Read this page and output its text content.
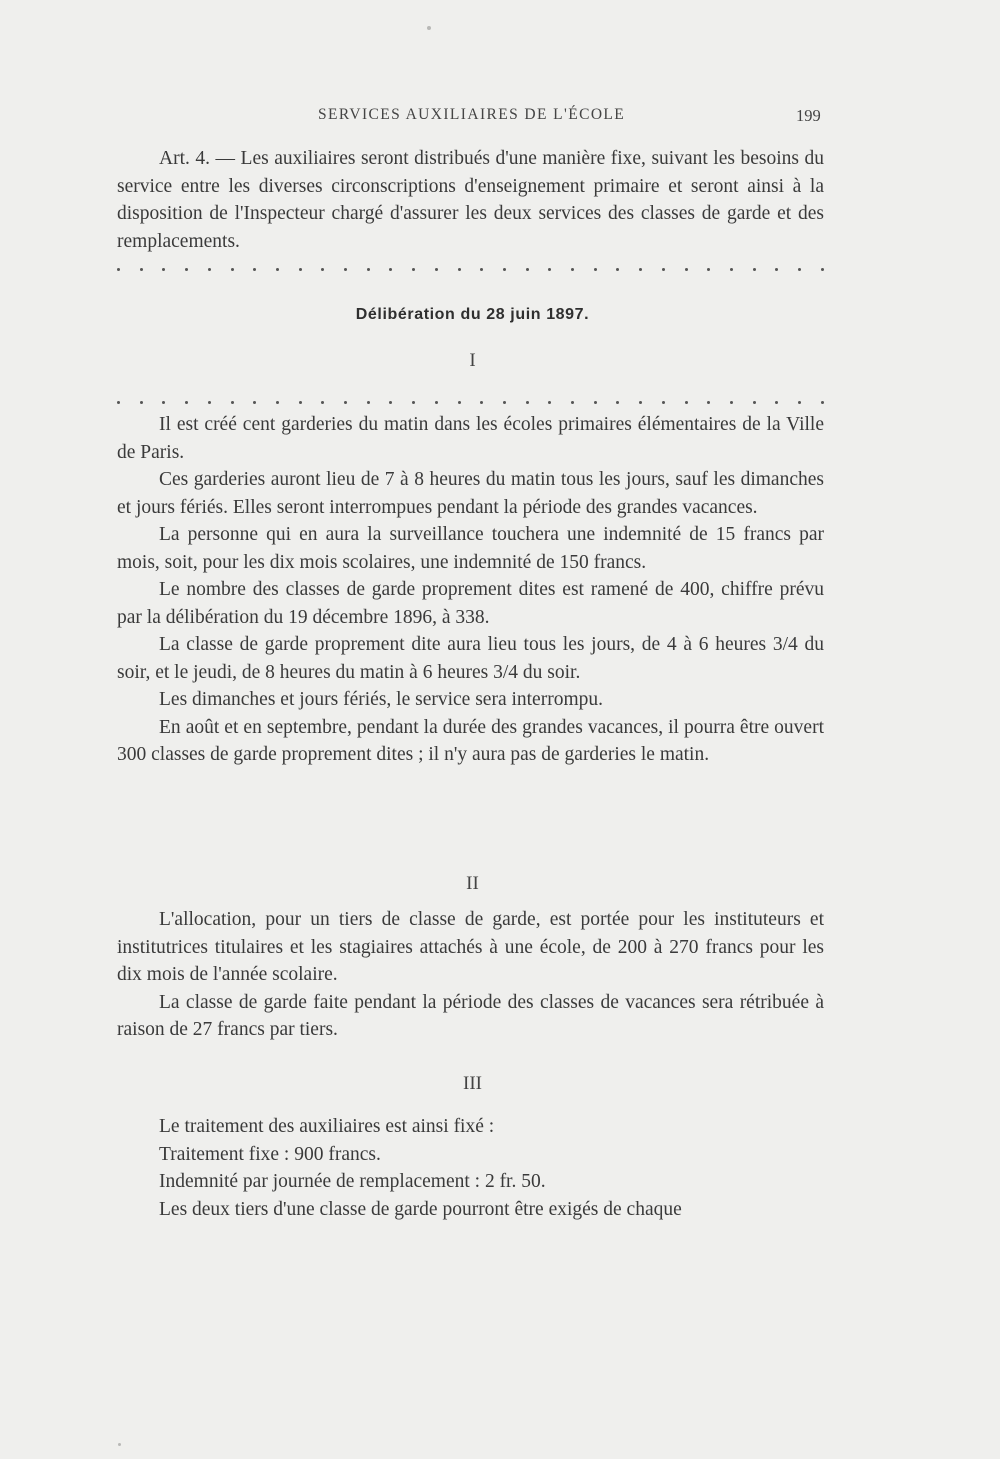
SERVICES AUXILIAIRES DE L'ÉCOLE	199

Art. 4. — Les auxiliaires seront distribués d'une manière fixe, suivant les besoins du service entre les diverses circonscriptions d'enseignement primaire et seront ainsi à la disposition de l'Inspecteur chargé d'assurer les deux services des classes de garde et des remplacements.

Délibération du 28 juin 1897.
I

Il est créé cent garderies du matin dans les écoles primaires élémentaires de la Ville de Paris.

Ces garderies auront lieu de 7 à 8 heures du matin tous les jours, sauf les dimanches et jours fériés. Elles seront interrompues pendant la période des grandes vacances.

La personne qui en aura la surveillance touchera une indemnité de 15 francs par mois, soit, pour les dix mois scolaires, une indemnité de 150 francs.

Le nombre des classes de garde proprement dites est ramené de 400, chiffre prévu par la délibération du 19 décembre 1896, à 338.

La classe de garde proprement dite aura lieu tous les jours, de 4 à 6 heures 3/4 du soir, et le jeudi, de 8 heures du matin à 6 heures 3/4 du soir.

Les dimanches et jours fériés, le service sera interrompu.

En août et en septembre, pendant la durée des grandes vacances, il pourra être ouvert 300 classes de garde proprement dites ; il n'y aura pas de garderies le matin.

II

L'allocation, pour un tiers de classe de garde, est portée pour les instituteurs et institutrices titulaires et les stagiaires attachés à une école, de 200 à 270 francs pour les dix mois de l'année scolaire.

La classe de garde faite pendant la période des classes de vacances sera rétribuée à raison de 27 francs par tiers.

III

Le traitement des auxiliaires est ainsi fixé :

Traitement fixe : 900 francs.

Indemnité par journée de remplacement : 2 fr. 50.

Les deux tiers d'une classe de garde pourront être exigés de chaque
